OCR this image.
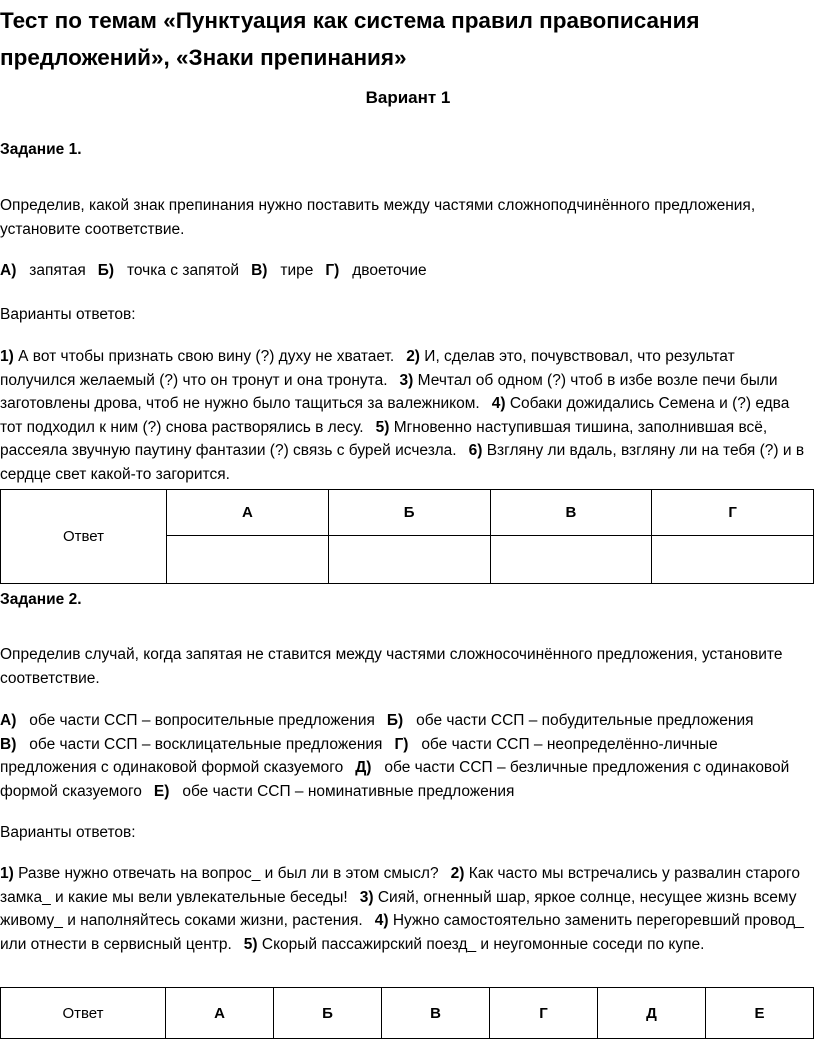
Тест по темам «Пунктуация как система правил правописания предложений», «Знаки препинания»
Вариант 1
Задание 1.

Определив, какой знак препинания нужно поставить между частями сложноподчинённого предложения, установите соответствие.

А) запятая Б) точка с запятой В) тире Г) двоеточие

Варианты ответов:

1) А вот чтобы признать свою вину (?) духу не хватает. 2) И, сделав это, почувствовал, что результат получился желаемый (?) что он тронут и она тронута. 3) Мечтал об одном (?) чтоб в избе возле печи были заготовлены дрова, чтоб не нужно было тащиться за валежником. 4) Собаки дожидались Семена и (?) едва тот подходил к ним (?) снова растворялись в лесу. 5) Мгновенно наступившая тишина, заполнившая всё, рассеяла звучную паутину фантазии (?) связь с бурей исчезла. 6) Взгляну ли вдаль, взгляну ли на тебя (?) и в сердце свет какой-то загорится.

Ответ	А	Б	В	Г

Задание 2.

Определив случай, когда запятая не ставится между частями сложносочинённого предложения, установите соответствие.

А) обе части ССП – вопросительные предложения Б) обе части ССП – побудительные предложенияВ) обе части ССП – восклицательные предложения Г) обе части ССП – неопределённо-личные предложения с одинаковой формой сказуемого Д) обе части ССП – безличные предложения с одинаковой формой сказуемого Е) обе части ССП – номинативные предложения

Варианты ответов:

1) Разве нужно отвечать на вопрос_ и был ли в этом смысл? 2) Как часто мы встречались у развалин старого замка_ и какие мы вели увлекательные беседы! 3) Сияй, огненный шар, яркое солнце, несущее жизнь всему живому_ и наполняйтесь соками жизни, растения. 4) Нужно самостоятельно заменить перегоревший провод_ или отнести в сервисный центр. 5) Скорый пассажирский поезд_ и неугомонные соседи по купе.

Ответ	А	Б	В	Г	Д	Е
